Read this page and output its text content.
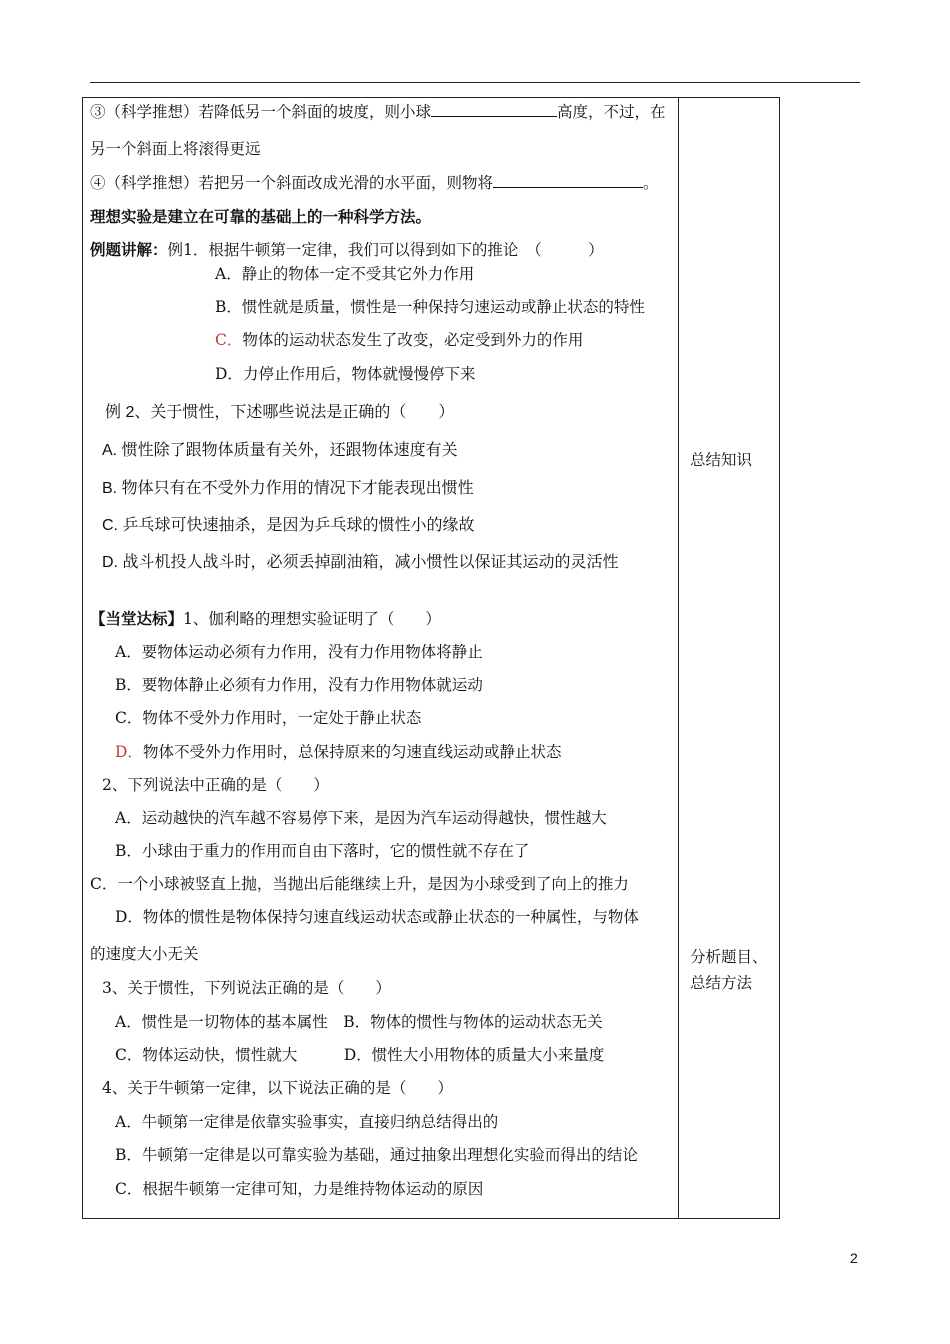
③（科学推想）若降低另一个斜面的坡度，则小球	高度，不过，在
另一个斜面上将滚得更远
④（科学推想）若把另一个斜面改成光滑的水平面，则物将	。
理想实验是建立在可靠的基础上的一种科学方法。
例题讲解：例1．根据牛顿第一定律，我们可以得到如下的推论　（　　　）
A．静止的物体一定不受其它外力作用
B．惯性就是质量，惯性是一种保持匀速运动或静止状态的特性
C．物体的运动状态发生了改变，必定受到外力的作用
D．力停止作用后，物体就慢慢停下来
例 2、关于惯性，下述哪些说法是正确的（　　）
A. 惯性除了跟物体质量有关外，还跟物体速度有关
B. 物体只有在不受外力作用的情况下才能表现出惯性
C. 乒乓球可快速抽杀，是因为乒乓球的惯性小的缘故
D. 战斗机投人战斗时，必须丢掉副油箱，减小惯性以保证其运动的灵活性
【当堂达标】1、伽利略的理想实验证明了（　　）
A．要物体运动必须有力作用，没有力作用物体将静止
B．要物体静止必须有力作用，没有力作用物体就运动
C．物体不受外力作用时，一定处于静止状态
D．物体不受外力作用时，总保持原来的匀速直线运动或静止状态
2、下列说法中正确的是（　　）
A．运动越快的汽车越不容易停下来，是因为汽车运动得越快，惯性越大
B．小球由于重力的作用而自由下落时，它的惯性就不存在了
C．一个小球被竖直上抛，当抛出后能继续上升，是因为小球受到了向上的推力
D．物体的惯性是物体保持匀速直线运动状态或静止状态的一种属性，与物体
的速度大小无关
3、关于惯性，下列说法正确的是（　　）
A．惯性是一切物体的基本属性　B．物体的惯性与物体的运动状态无关
C．物体运动快，惯性就大　　　D．惯性大小用物体的质量大小来量度
4、关于牛顿第一定律，以下说法正确的是（　　）
A．牛顿第一定律是依靠实验事实，直接归纳总结得出的
B．牛顿第一定律是以可靠实验为基础，通过抽象出理想化实验而得出的结论
C．根据牛顿第一定律可知，力是维持物体运动的原因
总结知识
分析题目、
总结方法
2
